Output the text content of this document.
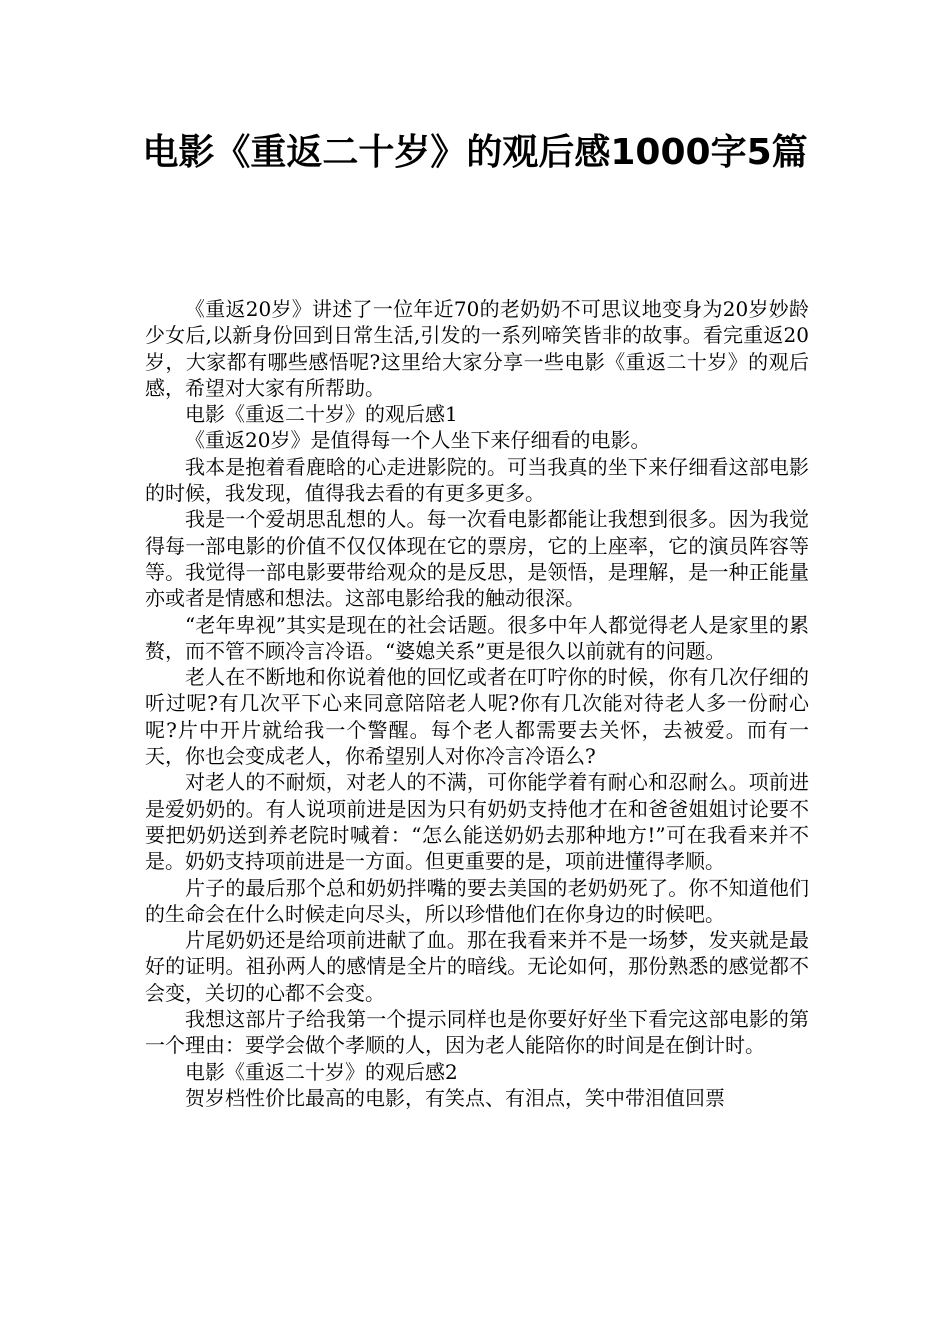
电影《重返二十岁》的观后感1000字5篇

《重返20岁》讲述了一位年近70的老奶奶不可思议地变身为20岁妙龄少女后,以新身份回到日常生活,引发的一系列啼笑皆非的故事。看完重返20岁，大家都有哪些感悟呢?这里给大家分享一些电影《重返二十岁》的观后感，希望对大家有所帮助。

电影《重返二十岁》的观后感1

《重返20岁》是值得每一个人坐下来仔细看的电影。

我本是抱着看鹿晗的心走进影院的。可当我真的坐下来仔细看这部电影的时候，我发现，值得我去看的有更多更多。

我是一个爱胡思乱想的人。每一次看电影都能让我想到很多。因为我觉得每一部电影的价值不仅仅体现在它的票房，它的上座率，它的演员阵容等等。我觉得一部电影要带给观众的是反思，是领悟，是理解，是一种正能量亦或者是情感和想法。这部电影给我的触动很深。

“老年卑视”其实是现在的社会话题。很多中年人都觉得老人是家里的累赘，而不管不顾冷言冷语。“婆媳关系”更是很久以前就有的问题。

老人在不断地和你说着他的回忆或者在叮咛你的时候，你有几次仔细的听过呢?有几次平下心来同意陪陪老人呢?你有几次能对待老人多一份耐心呢?片中开片就给我一个警醒。每个老人都需要去关怀，去被爱。而有一天，你也会变成老人，你希望别人对你冷言冷语么?

对老人的不耐烦，对老人的不满，可你能学着有耐心和忍耐么。项前进是爱奶奶的。有人说项前进是因为只有奶奶支持他才在和爸爸姐姐讨论要不要把奶奶送到养老院时喊着：“怎么能送奶奶去那种地方!”可在我看来并不是。奶奶支持项前进是一方面。但更重要的是，项前进懂得孝顺。

片子的最后那个总和奶奶拌嘴的要去美国的老奶奶死了。你不知道他们的生命会在什么时候走向尽头，所以珍惜他们在你身边的时候吧。

片尾奶奶还是给项前进献了血。那在我看来并不是一场梦，发夹就是最好的证明。祖孙两人的感情是全片的暗线。无论如何，那份熟悉的感觉都不会变，关切的心都不会变。

我想这部片子给我第一个提示同样也是你要好好坐下看完这部电影的第一个理由：要学会做个孝顺的人，因为老人能陪你的时间是在倒计时。

电影《重返二十岁》的观后感2

贺岁档性价比最高的电影，有笑点、有泪点，笑中带泪值回票
